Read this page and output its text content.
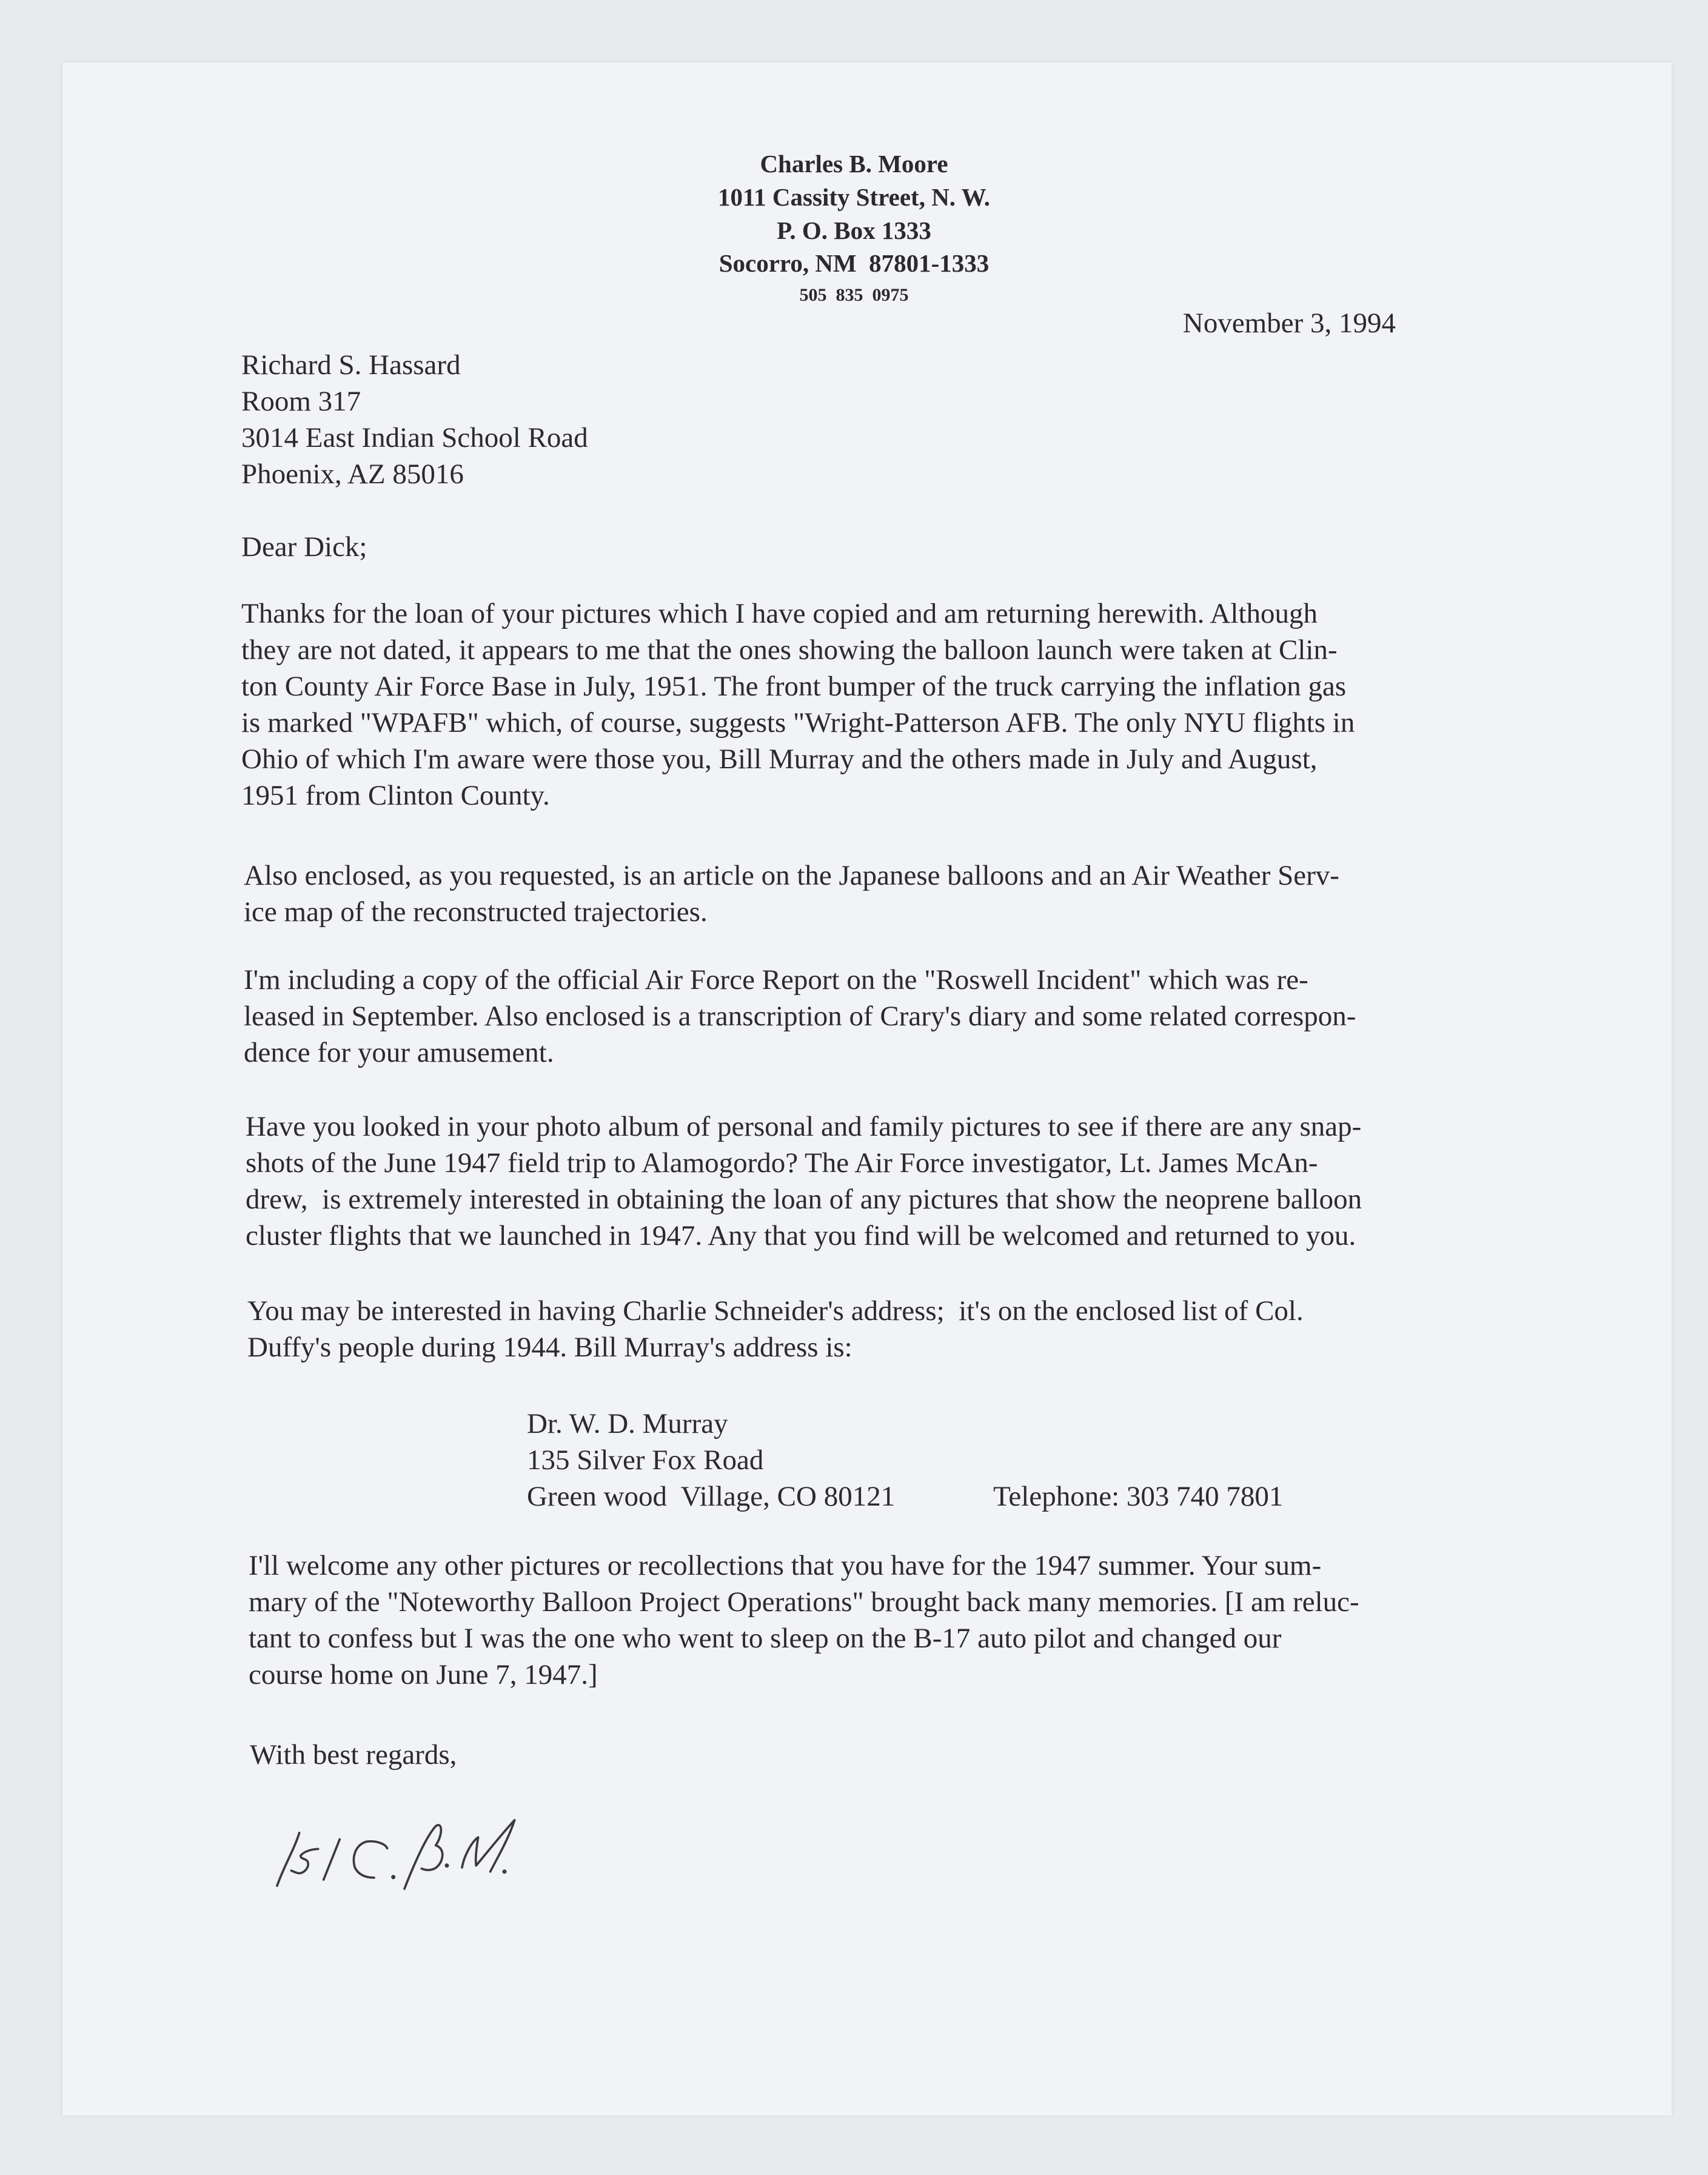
Charles B. Moore
1011 Cassity Street, N. W.
P. O. Box 1333
Socorro, NM  87801-1333
505  835  0975
November 3, 1994
Richard S. Hassard
Room 317
3014 East Indian School Road
Phoenix, AZ 85016
Dear Dick;
Thanks for the loan of your pictures which I have copied and am returning herewith. Although
they are not dated, it appears to me that the ones showing the balloon launch were taken at Clin-
ton County Air Force Base in July, 1951. The front bumper of the truck carrying the inflation gas
is marked "WPAFB" which, of course, suggests "Wright-Patterson AFB. The only NYU flights in
Ohio of which I'm aware were those you, Bill Murray and the others made in July and August,
1951 from Clinton County.
Also enclosed, as you requested, is an article on the Japanese balloons and an Air Weather Serv-
ice map of the reconstructed trajectories.
I'm including a copy of the official Air Force Report on the "Roswell Incident" which was re-
leased in September. Also enclosed is a transcription of Crary's diary and some related correspon-
dence for your amusement.
Have you looked in your photo album of personal and family pictures to see if there are any snap-
shots of the June 1947 field trip to Alamogordo? The Air Force investigator, Lt. James McAn-
drew,  is extremely interested in obtaining the loan of any pictures that show the neoprene balloon
cluster flights that we launched in 1947. Any that you find will be welcomed and returned to you.
You may be interested in having Charlie Schneider's address;  it's on the enclosed list of Col.
Duffy's people during 1944. Bill Murray's address is:
Dr. W. D. Murray
135 Silver Fox Road
Green wood  Village, CO 80121	Telephone: 303 740 7801
I'll welcome any other pictures or recollections that you have for the 1947 summer. Your sum-
mary of the "Noteworthy Balloon Project Operations" brought back many memories. [I am reluc-
tant to confess but I was the one who went to sleep on the B-17 auto pilot and changed our
course home on June 7, 1947.]
With best regards,
